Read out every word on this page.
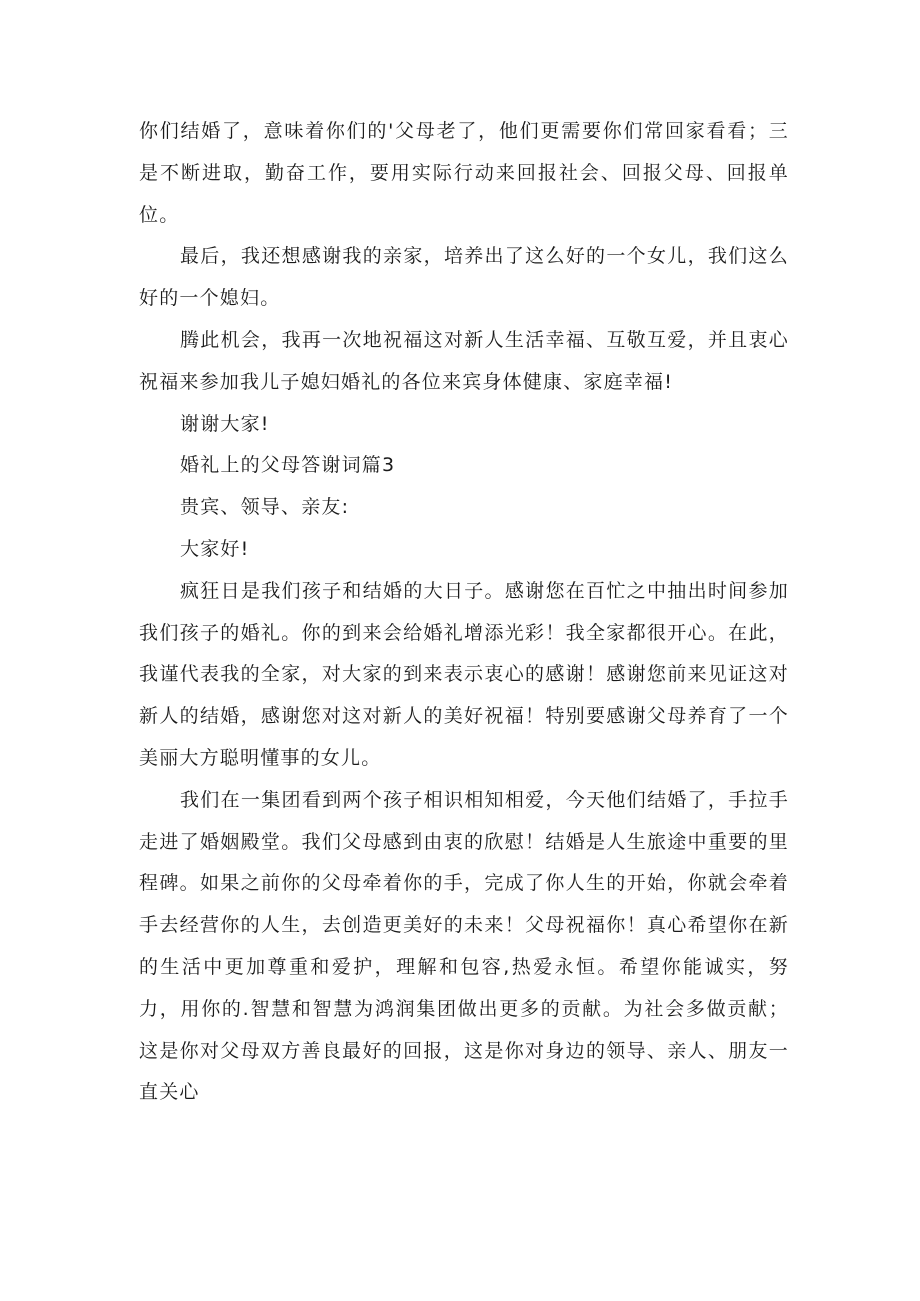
你们结婚了，意味着你们的'父母老了，他们更需要你们常回家看看；三是不断进取，勤奋工作，要用实际行动来回报社会、回报父母、回报单位。

最后，我还想感谢我的亲家，培养出了这么好的一个女儿，我们这么好的一个媳妇。

腾此机会，我再一次地祝福这对新人生活幸福、互敬互爱，并且衷心祝福来参加我儿子媳妇婚礼的各位来宾身体健康、家庭幸福!

谢谢大家!

婚礼上的父母答谢词篇3

贵宾、领导、亲友:

大家好!

疯狂日是我们孩子和结婚的大日子。感谢您在百忙之中抽出时间参加我们孩子的婚礼。你的到来会给婚礼增添光彩！我全家都很开心。在此，我谨代表我的全家，对大家的到来表示衷心的感谢！感谢您前来见证这对新人的结婚，感谢您对这对新人的美好祝福！特别要感谢父母养育了一个美丽大方聪明懂事的女儿。

我们在一集团看到两个孩子相识相知相爱，今天他们结婚了，手拉手走进了婚姻殿堂。我们父母感到由衷的欣慰！结婚是人生旅途中重要的里程碑。如果之前你的父母牵着你的手，完成了你人生的开始，你就会牵着手去经营你的人生，去创造更美好的未来！父母祝福你！真心希望你在新的生活中更加尊重和爱护，理解和包容,热爱永恒。希望你能诚实，努力，用你的.智慧和智慧为鸿润集团做出更多的贡献。为社会多做贡献；这是你对父母双方善良最好的回报，这是你对身边的领导、亲人、朋友一直关心
